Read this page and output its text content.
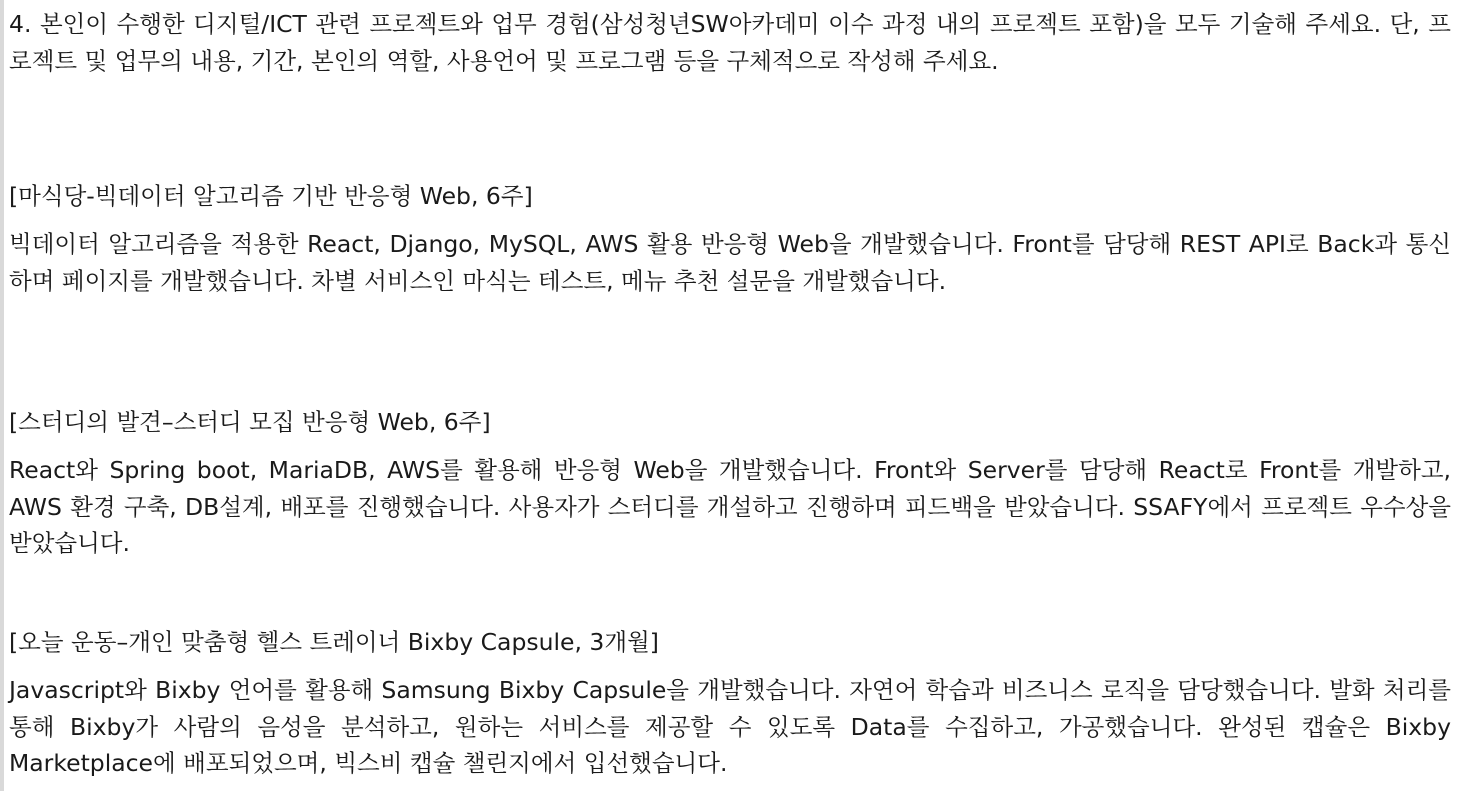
4. 본인이 수행한 디지털/ICT 관련 프로젝트와 업무 경험(삼성청년SW아카데미 이수 과정 내의 프로젝트 포함)을 모두 기술해 주세요. 단, 프로젝트 및 업무의 내용, 기간, 본인의 역할, 사용언어 및 프로그램 등을 구체적으로 작성해 주세요.

[마식당-빅데이터 알고리즘 기반 반응형 Web, 6주]

빅데이터 알고리즘을 적용한 React, Django, MySQL, AWS 활용 반응형 Web을 개발했습니다. Front를 담당해 REST API로 Back과 통신하며 페이지를 개발했습니다. 차별 서비스인 마식는 테스트, 메뉴 추천 설문을 개발했습니다.

[스터디의 발견–스터디 모집 반응형 Web, 6주]

React와 Spring boot, MariaDB, AWS를 활용해 반응형 Web을 개발했습니다. Front와 Server를 담당해 React로 Front를 개발하고, AWS 환경 구축, DB설계, 배포를 진행했습니다. 사용자가 스터디를 개설하고 진행하며 피드백을 받았습니다. SSAFY에서 프로젝트 우수상을 받았습니다.

[오늘 운동–개인 맞춤형 헬스 트레이너 Bixby Capsule, 3개월]

Javascript와 Bixby 언어를 활용해 Samsung Bixby Capsule을 개발했습니다. 자연어 학습과 비즈니스 로직을 담당했습니다. 발화 처리를 통해 Bixby가 사람의 음성을 분석하고, 원하는 서비스를 제공할 수 있도록 Data를 수집하고, 가공했습니다. 완성된 캡슐은 Bixby Marketplace에 배포되었으며, 빅스비 캡슐 챌린지에서 입선했습니다.
